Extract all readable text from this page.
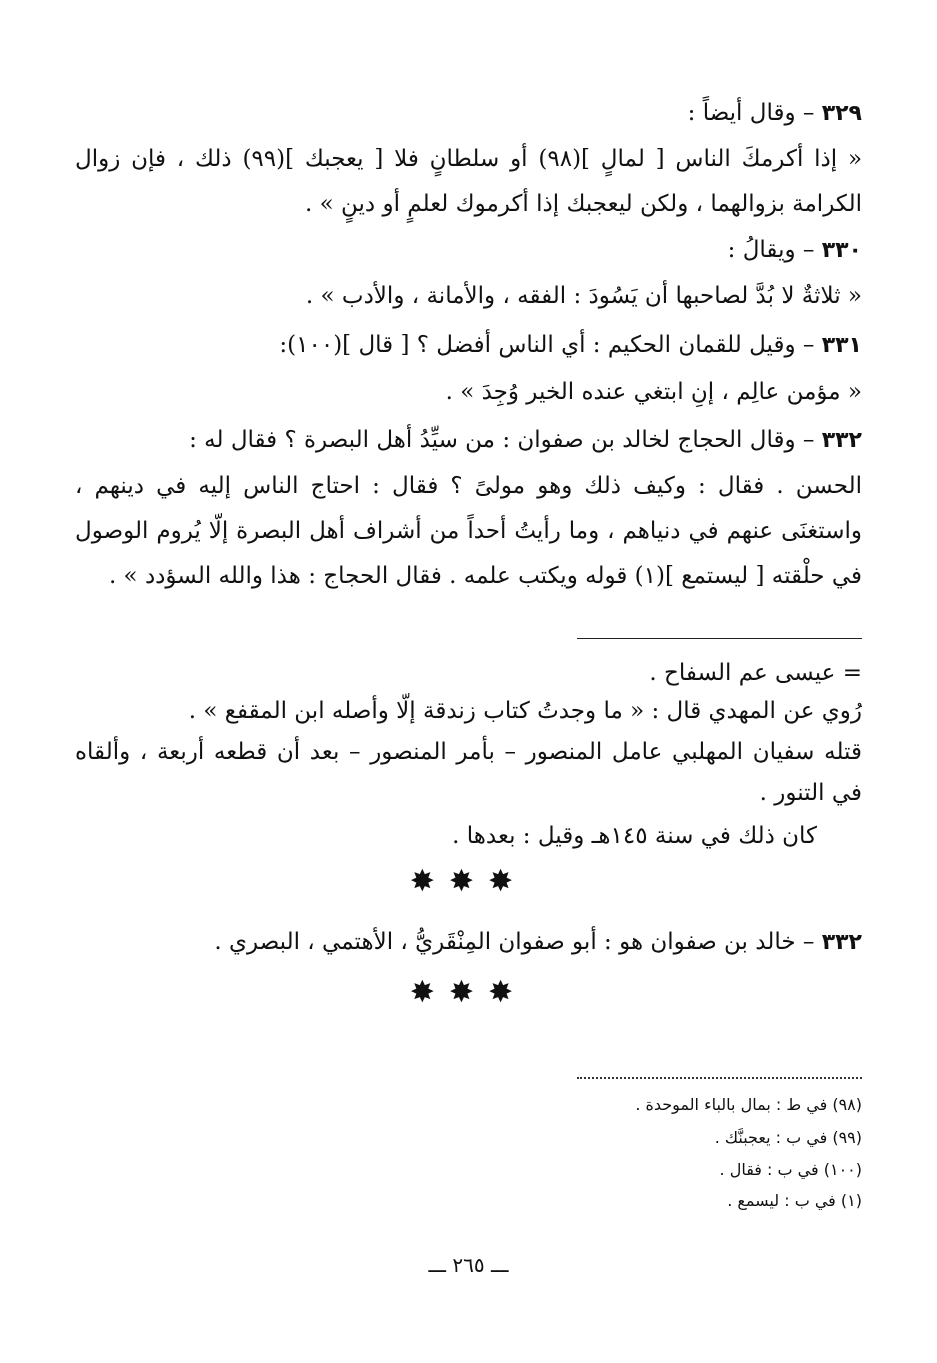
٣٢٩ – وقال أيضاً :
« إذا أكرمكَ الناس [ لمالٍ ](٩٨) أو سلطانٍ فلا [ يعجبك ](٩٩) ذلك ، فإن زوال
الكرامة بزوالهما ، ولكن ليعجبك إذا أكرموك لعلمٍ أو دينٍ » .
٣٣٠ – ويقالُ :
« ثلاثةٌ لا بُدَّ لصاحبها أن يَسُودَ : الفقه ، والأمانة ، والأدب » .
٣٣١ – وقيل للقمان الحكيم : أي الناس أفضل ؟ [ قال ](١٠٠):
« مؤمن عالِم ، إنِ ابتغي عنده الخير وُجِدَ » .
٣٣٢ – وقال الحجاج لخالد بن صفوان : من سيِّدُ أهل البصرة ؟ فقال له :
الحسن . فقال : وكيف ذلك وهو مولىً ؟ فقال : احتاج الناس إليه في دينهم ،
واستغنَى عنهم في دنياهم ، وما رأيتُ أحداً من أشراف أهل البصرة إلّا يُروم الوصول
في حلْقته [ ليستمع ](١) قوله ويكتب علمه . فقال الحجاج : هذا والله السؤدد » .
= عيسى عم السفاح .
رُوي عن المهدي قال : « ما وجدتُ كتاب زندقة إلّا وأصله ابن المقفع » .
قتله سفيان المهلبي عامل المنصور – بأمر المنصور – بعد أن قطعه أربعة ، وألقاه
في التنور .
كان ذلك في سنة ١٤٥هـ وقيل : بعدها .
✸✸✸
٣٣٢ – خالد بن صفوان هو : أبو صفوان المِنْقَريُّ ، الأهتمي ، البصري .
✸✸✸
(٩٨) في ط : بمال بالباء الموحدة .
(٩٩) في ب : يعجبنَّك .
(١٠٠) في ب : فقال .
(١) في ب : ليسمع .
ـــ ٢٦٥ ـــ
